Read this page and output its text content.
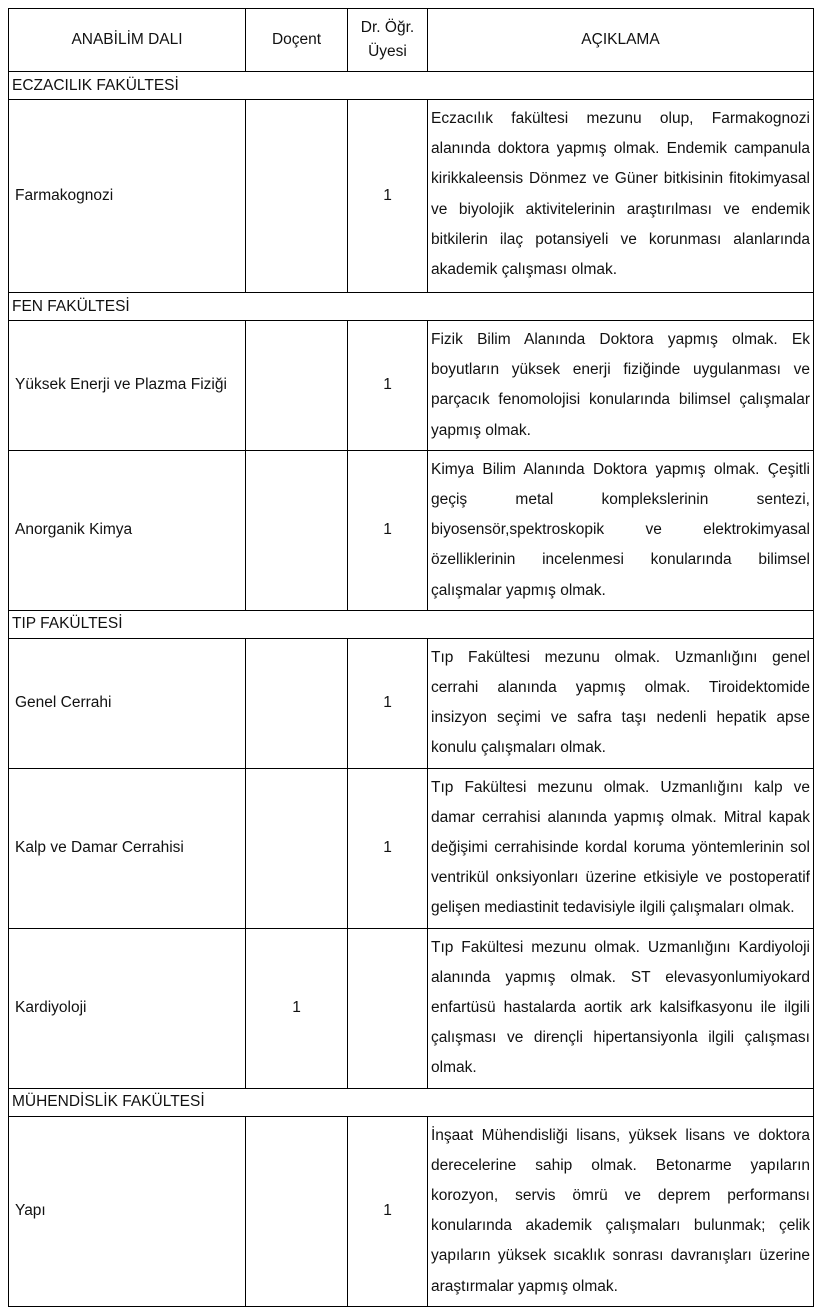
ANABİLİM DALI	Doçent	Dr. Öğr.
Üyesi	AÇIKLAMA
ECZACILIK FAKÜLTESİ			
Farmakognozi		1	Eczacılık fakültesi mezunu olup, Farmakognozi alanında doktora yapmış olmak. Endemik campanula kirikkaleensis Dönmez ve Güner bitkisinin fitokimyasal ve biyolojik aktivitelerinin araştırılması ve endemik bitkilerin ilaç potansiyeli ve korunması alanlarında akademik çalışması olmak.
FEN FAKÜLTESİ			
Yüksek Enerji ve Plazma Fiziği		1	Fizik Bilim Alanında Doktora yapmış olmak. Ek boyutların yüksek enerji fiziğinde uygulanması ve parçacık fenomolojisi konularında bilimsel çalışmalar yapmış olmak.
Anorganik Kimya		1	Kimya Bilim Alanında Doktora yapmış olmak. Çeşitli geçiş metal komplekslerinin sentezi, biyosensör,spektroskopik ve elektrokimyasal özelliklerinin incelenmesi konularında bilimsel çalışmalar yapmış olmak.
TIP FAKÜLTESİ			
Genel Cerrahi		1	Tıp Fakültesi mezunu olmak. Uzmanlığını genel cerrahi alanında yapmış olmak. Tiroidektomide insizyon seçimi ve safra taşı nedenli hepatik apse konulu çalışmaları olmak.
Kalp ve Damar Cerrahisi		1	Tıp Fakültesi mezunu olmak. Uzmanlığını kalp ve damar cerrahisi alanında yapmış olmak. Mitral kapak değişimi cerrahisinde kordal koruma yöntemlerinin sol ventrikül onksiyonları üzerine etkisiyle ve postoperatif gelişen mediastinit tedavisiyle ilgili çalışmaları olmak.
Kardiyoloji	1		Tıp Fakültesi mezunu olmak. Uzmanlığını Kardiyoloji alanında yapmış olmak. ST elevasyonlumiyokard enfartüsü hastalarda aortik ark kalsifkasyonu ile ilgili çalışması ve dirençli hipertansiyonla ilgili çalışması olmak.
MÜHENDİSLİK FAKÜLTESİ			
Yapı		1	İnşaat Mühendisliği lisans, yüksek lisans ve doktora derecelerine sahip olmak. Betonarme yapıların korozyon, servis ömrü ve deprem performansı konularında akademik çalışmaları bulunmak; çelik yapıların yüksek sıcaklık sonrası davranışları üzerine araştırmalar yapmış olmak.
